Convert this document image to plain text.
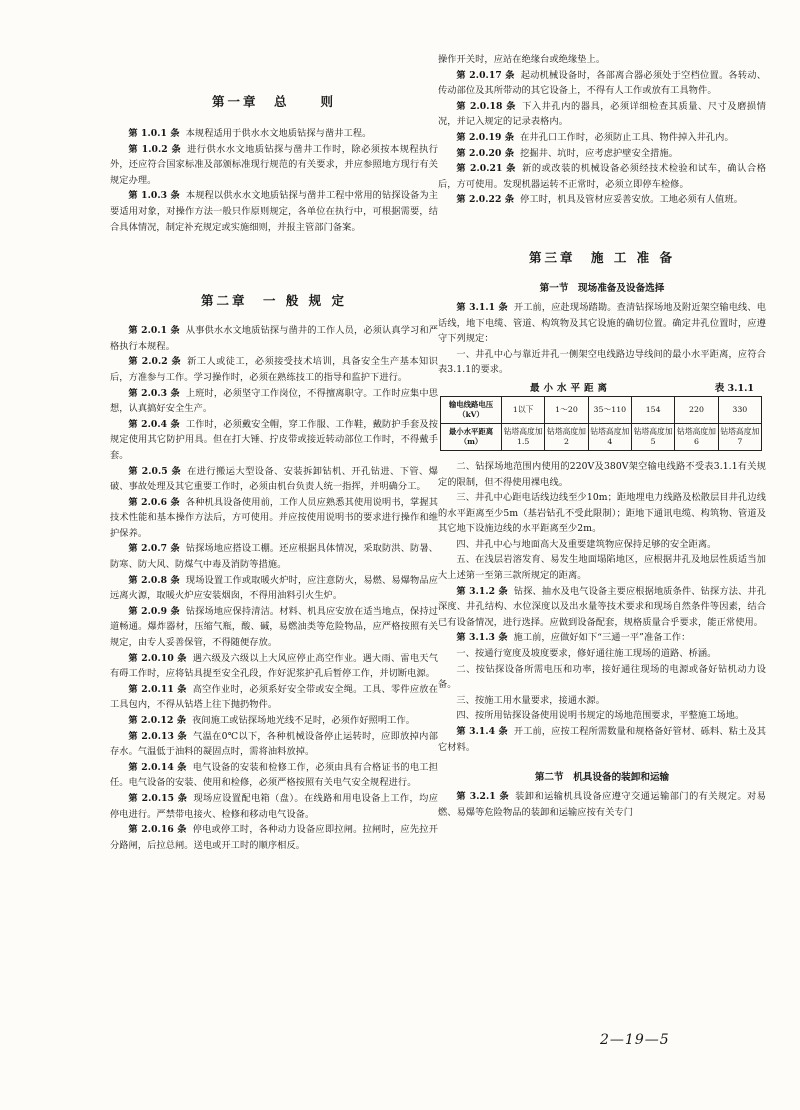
第一章　总　　则

第 1.0.1 条 本规程适用于供水水文地质钻探与凿井工程。

第 1.0.2 条 进行供水水文地质钻探与凿井工作时，除必须按本规程执行外，还应符合国家标准及部颁标准现行规范的有关要求，并应参照地方现行有关规定办理。

第 1.0.3 条 本规程以供水水文地质钻探与凿井工程中常用的钻探设备为主要适用对象，对操作方法一般只作原则规定，各单位在执行中，可根据需要，结合具体情况，制定补充规定或实施细则，并报主管部门备案。

第二章　一 般 规 定

第 2.0.1 条 从事供水水文地质钻探与凿井的工作人员，必须认真学习和严格执行本规程。

第 2.0.2 条 新工人或徒工，必须接受技术培训，具备安全生产基本知识后，方准参与工作。学习操作时，必须在熟练技工的指导和监护下进行。

第 2.0.3 条 上班时，必须坚守工作岗位，不得擅离职守。工作时应集中思想，认真搞好安全生产。

第 2.0.4 条 工作时，必须戴安全帽，穿工作服、工作鞋，戴防护手套及按规定使用其它防护用具。但在打大锤、拧皮带或接近转动部位工作时，不得戴手套。

第 2.0.5 条 在进行搬运大型设备、安装拆卸钻机、开孔钻进、下管、爆破、事故处理及其它重要工作时，必须由机台负责人统一指挥，并明确分工。

第 2.0.6 条 各种机具设备使用前，工作人员应熟悉其使用说明书，掌握其技术性能和基本操作方法后，方可使用。并应按使用说明书的要求进行操作和维护保养。

第 2.0.7 条 钻探场地应搭设工棚。还应根据具体情况，采取防洪、防暑、防寒、防大风、防煤气中毒及消防等措施。

第 2.0.8 条 现场设置工作或取暖火炉时，应注意防火，易燃、易爆物品应远离火源，取暖火炉应安装烟囱，不得用油料引火生炉。

第 2.0.9 条 钻探场地应保持清洁。材料、机具应安放在适当地点，保持过道畅通。爆炸器材，压缩气瓶，酸、碱，易燃油类等危险物品，应严格按照有关规定，由专人妥善保管，不得随便存放。

第 2.0.10 条 遇六级及六级以上大风应停止高空作业。遇大雨、雷电天气有碍工作时，应将钻具提至安全孔段，作好泥浆护孔后暂停工作，并切断电源。

第 2.0.11 条 高空作业时，必须系好安全带或安全绳。工具、零件应放在工具包内，不得从钻塔上往下抛扔物件。

第 2.0.12 条 夜间施工或钻探场地光线不足时，必须作好照明工作。

第 2.0.13 条 气温在0℃以下，各种机械设备停止运转时，应即放掉内部存水。气温低于油料的凝固点时，需将油料放掉。

第 2.0.14 条 电气设备的安装和检修工作，必须由具有合格证书的电工担任。电气设备的安装、使用和检修，必须严格按照有关电气安全规程进行。

第 2.0.15 条 现场应设置配电箱（盘）。在线路和用电设备上工作，均应停电进行。严禁带电接火、检修和移动电气设备。

第 2.0.16 条 停电或停工时，各种动力设备应即拉闸。拉闸时，应先拉开分路闸，后拉总闸。送电或开工时的顺序相反。

操作开关时，应站在绝缘台或绝缘垫上。

第 2.0.17 条 起动机械设备时，各部离合器必须处于空档位置。各转动、传动部位及其所带动的其它设备上，不得有人工作或放有工具物件。

第 2.0.18 条 下入井孔内的器具，必须详细检查其质量、尺寸及磨损情况，并记入规定的记录表格内。

第 2.0.19 条 在井孔口工作时，必须防止工具、物件掉入井孔内。

第 2.0.20 条 挖掘井、坑时，应考虑护壁安全措施。

第 2.0.21 条 新的或改装的机械设备必须经技术检验和试车，确认合格后，方可使用。发现机器运转不正常时，必须立即停车检修。

第 2.0.22 条 停工时，机具及管材应妥善安放。工地必须有人值班。

第三章　施 工 准 备
第一节　现场准备及设备选择

第 3.1.1 条 开工前，应赴现场踏勘。查清钻探场地及附近架空输电线、电话线，地下电缆、管道、构筑物及其它设施的确切位置。确定井孔位置时，应遵守下列规定：

一、井孔中心与靠近井孔一侧架空电线路边导线间的最小水平距离，应符合表3.1.1的要求。

最小水平距离	表 3.1.1
输电线路电压（kV）	1以下	1～20	35～110	154	220	330
最小水平距离（m）	钻塔高度加1.5	钻塔高度加2	钻塔高度加4	钻塔高度加5	钻塔高度加6	钻塔高度加7

二、钻探场地范围内使用的220V及380V架空输电线路不受表3.1.1有关规定的限制，但不得使用裸电线。

三、井孔中心距电话线边线至少10m；距地埋电力线路及松散层目井孔边线的水平距离至少5m（基岩钻孔不受此限制）；距地下通讯电缆、构筑物、管道及其它地下设施边线的水平距离至少2m。

四、井孔中心与地面高大及重要建筑物应保持足够的安全距离。

五、在浅层岩溶发育、易发生地面塌陷地区，应根据井孔及地层性质适当加大上述第一至第三款所规定的距离。

第 3.1.2 条 钻探、抽水及电气设备主要应根据地质条件、钻探方法、井孔深度、井孔结构、水位深度以及出水量等技术要求和现场自然条件等因素，结合已有设备情况，进行选择。应做到设备配套，规格质量合乎要求，能正常使用。

第 3.1.3 条 施工前，应做好如下“三通一平”准备工作：

一、按通行宽度及坡度要求，修好通往施工现场的道路、桥涵。

二、按钻探设备所需电压和功率，接好通往现场的电源或备好钻机动力设备。

三、按施工用水量要求，接通水源。

四、按所用钻探设备使用说明书规定的场地范围要求，平整施工场地。

第 3.1.4 条 开工前，应按工程所需数量和规格备好管材、砾料、粘土及其它材料。

第二节　机具设备的装卸和运输

第 3.2.1 条 装卸和运输机具设备应遵守交通运输部门的有关规定。对易燃、易爆等危险物品的装卸和运输应按有关专门

2—19—5
